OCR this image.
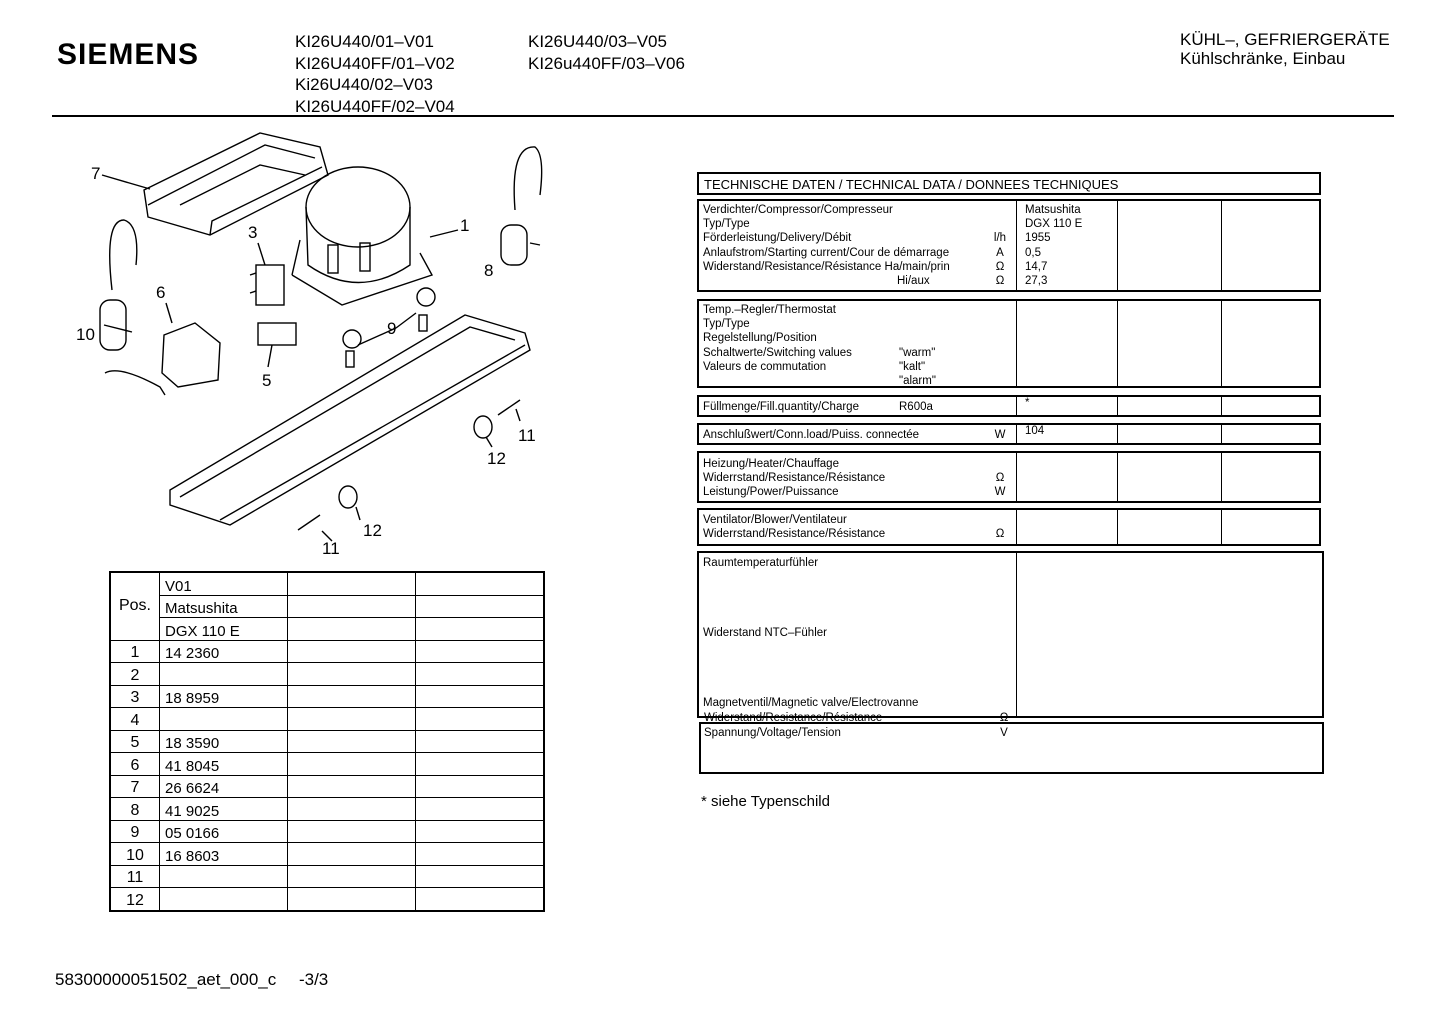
SIEMENS	KI26U440/01–V01
KI26U440FF/01–V02
Ki26U440/02–V03
KI26U440FF/02–V04
KI26U440/03–V05
KI26u440FF/03–V06
KÜHL–, GEFRIERGERÄTE
Kühlschränke, Einbau
7
1
8
3
6
10	9
5
11
12
12
11
Pos.	V01		
	Matsushita		
	DGX 110 E		
1	14 2360		
2			
3	18 8959		
4			
5	18 3590		
6	41 8045		
7	26 6624		
8	41 9025		
9	05 0166		
10	16 8603		
11			
12			
TECHNISCHE DATEN / TECHNICAL DATA / DONNEES TECHNIQUES
Verdichter/Compressor/Compresseur
Typ/Type
Förderleistung/Delivery/Débit	l/h
Anlaufstrom/Starting current/Cour de démarrage	A
Widerstand/Resistance/Résistance Ha/main/prin	Ω
Hi/aux	Ω
Matsushita
DGX 110 E
1955
0,5
14,7
27,3
Temp.–Regler/Thermostat
Typ/Type
Regelstellung/Position
Schaltwerte/Switching values	"warm"
Valeurs de commutation	"kalt"
"alarm"
Füllmenge/Fill.quantity/Charge	R600a	*
Anschlußwert/Conn.load/Puiss. connectée	W	104
Heizung/Heater/Chauffage
Widerrstand/Resistance/Résistance	Ω
Leistung/Power/Puissance	W
Ventilator/Blower/Ventilateur
Widerrstand/Resistance/Résistance	Ω
Raumtemperaturfühler
Widerstand NTC–Fühler
Magnetventil/Magnetic valve/Electrovanne
Widerstand/Resistance/Résistance	Ω
Spannung/Voltage/Tension	V
* siehe Typenschild
58300000051502_aet_000_c -3/3
